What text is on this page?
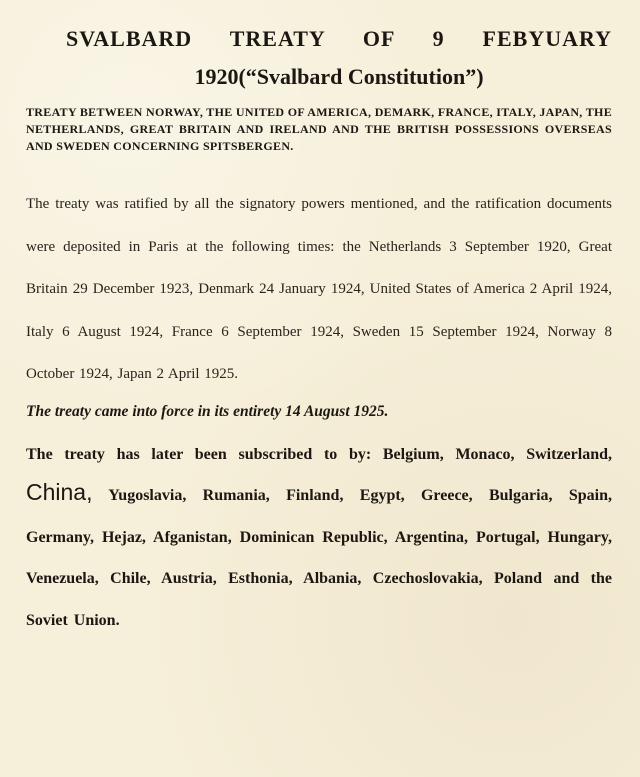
SVALBARD TREATY OF 9 FEBYUARY
1920(“Svalbard Constitution”)

TREATY BETWEEN NORWAY, THE UNITED OF AMERICA, DEMARK, FRANCE, ITALY, JAPAN, THE NETHERLANDS, GREAT BRITAIN AND IRELAND AND THE BRITISH POSSESSIONS OVERSEAS AND SWEDEN CONCERNING SPITSBERGEN.

The treaty was ratified by all the signatory powers mentioned, and the ratification documents were deposited in Paris at the following times: the Netherlands 3 September 1920, Great Britain 29 December 1923, Denmark 24 January 1924, United States of America 2 April 1924, Italy 6 August 1924, France 6 September 1924, Sweden 15 September 1924, Norway 8 October 1924, Japan 2 April 1925.

The treaty came into force in its entirety 14 August 1925.

The treaty has later been subscribed to by: Belgium, Monaco, Switzerland, China, Yugoslavia, Rumania, Finland, Egypt, Greece, Bulgaria, Spain, Germany, Hejaz, Afganistan, Dominican Republic, Argentina, Portugal, Hungary, Venezuela, Chile, Austria, Esthonia, Albania, Czechoslovakia, Poland and the Soviet Union.
